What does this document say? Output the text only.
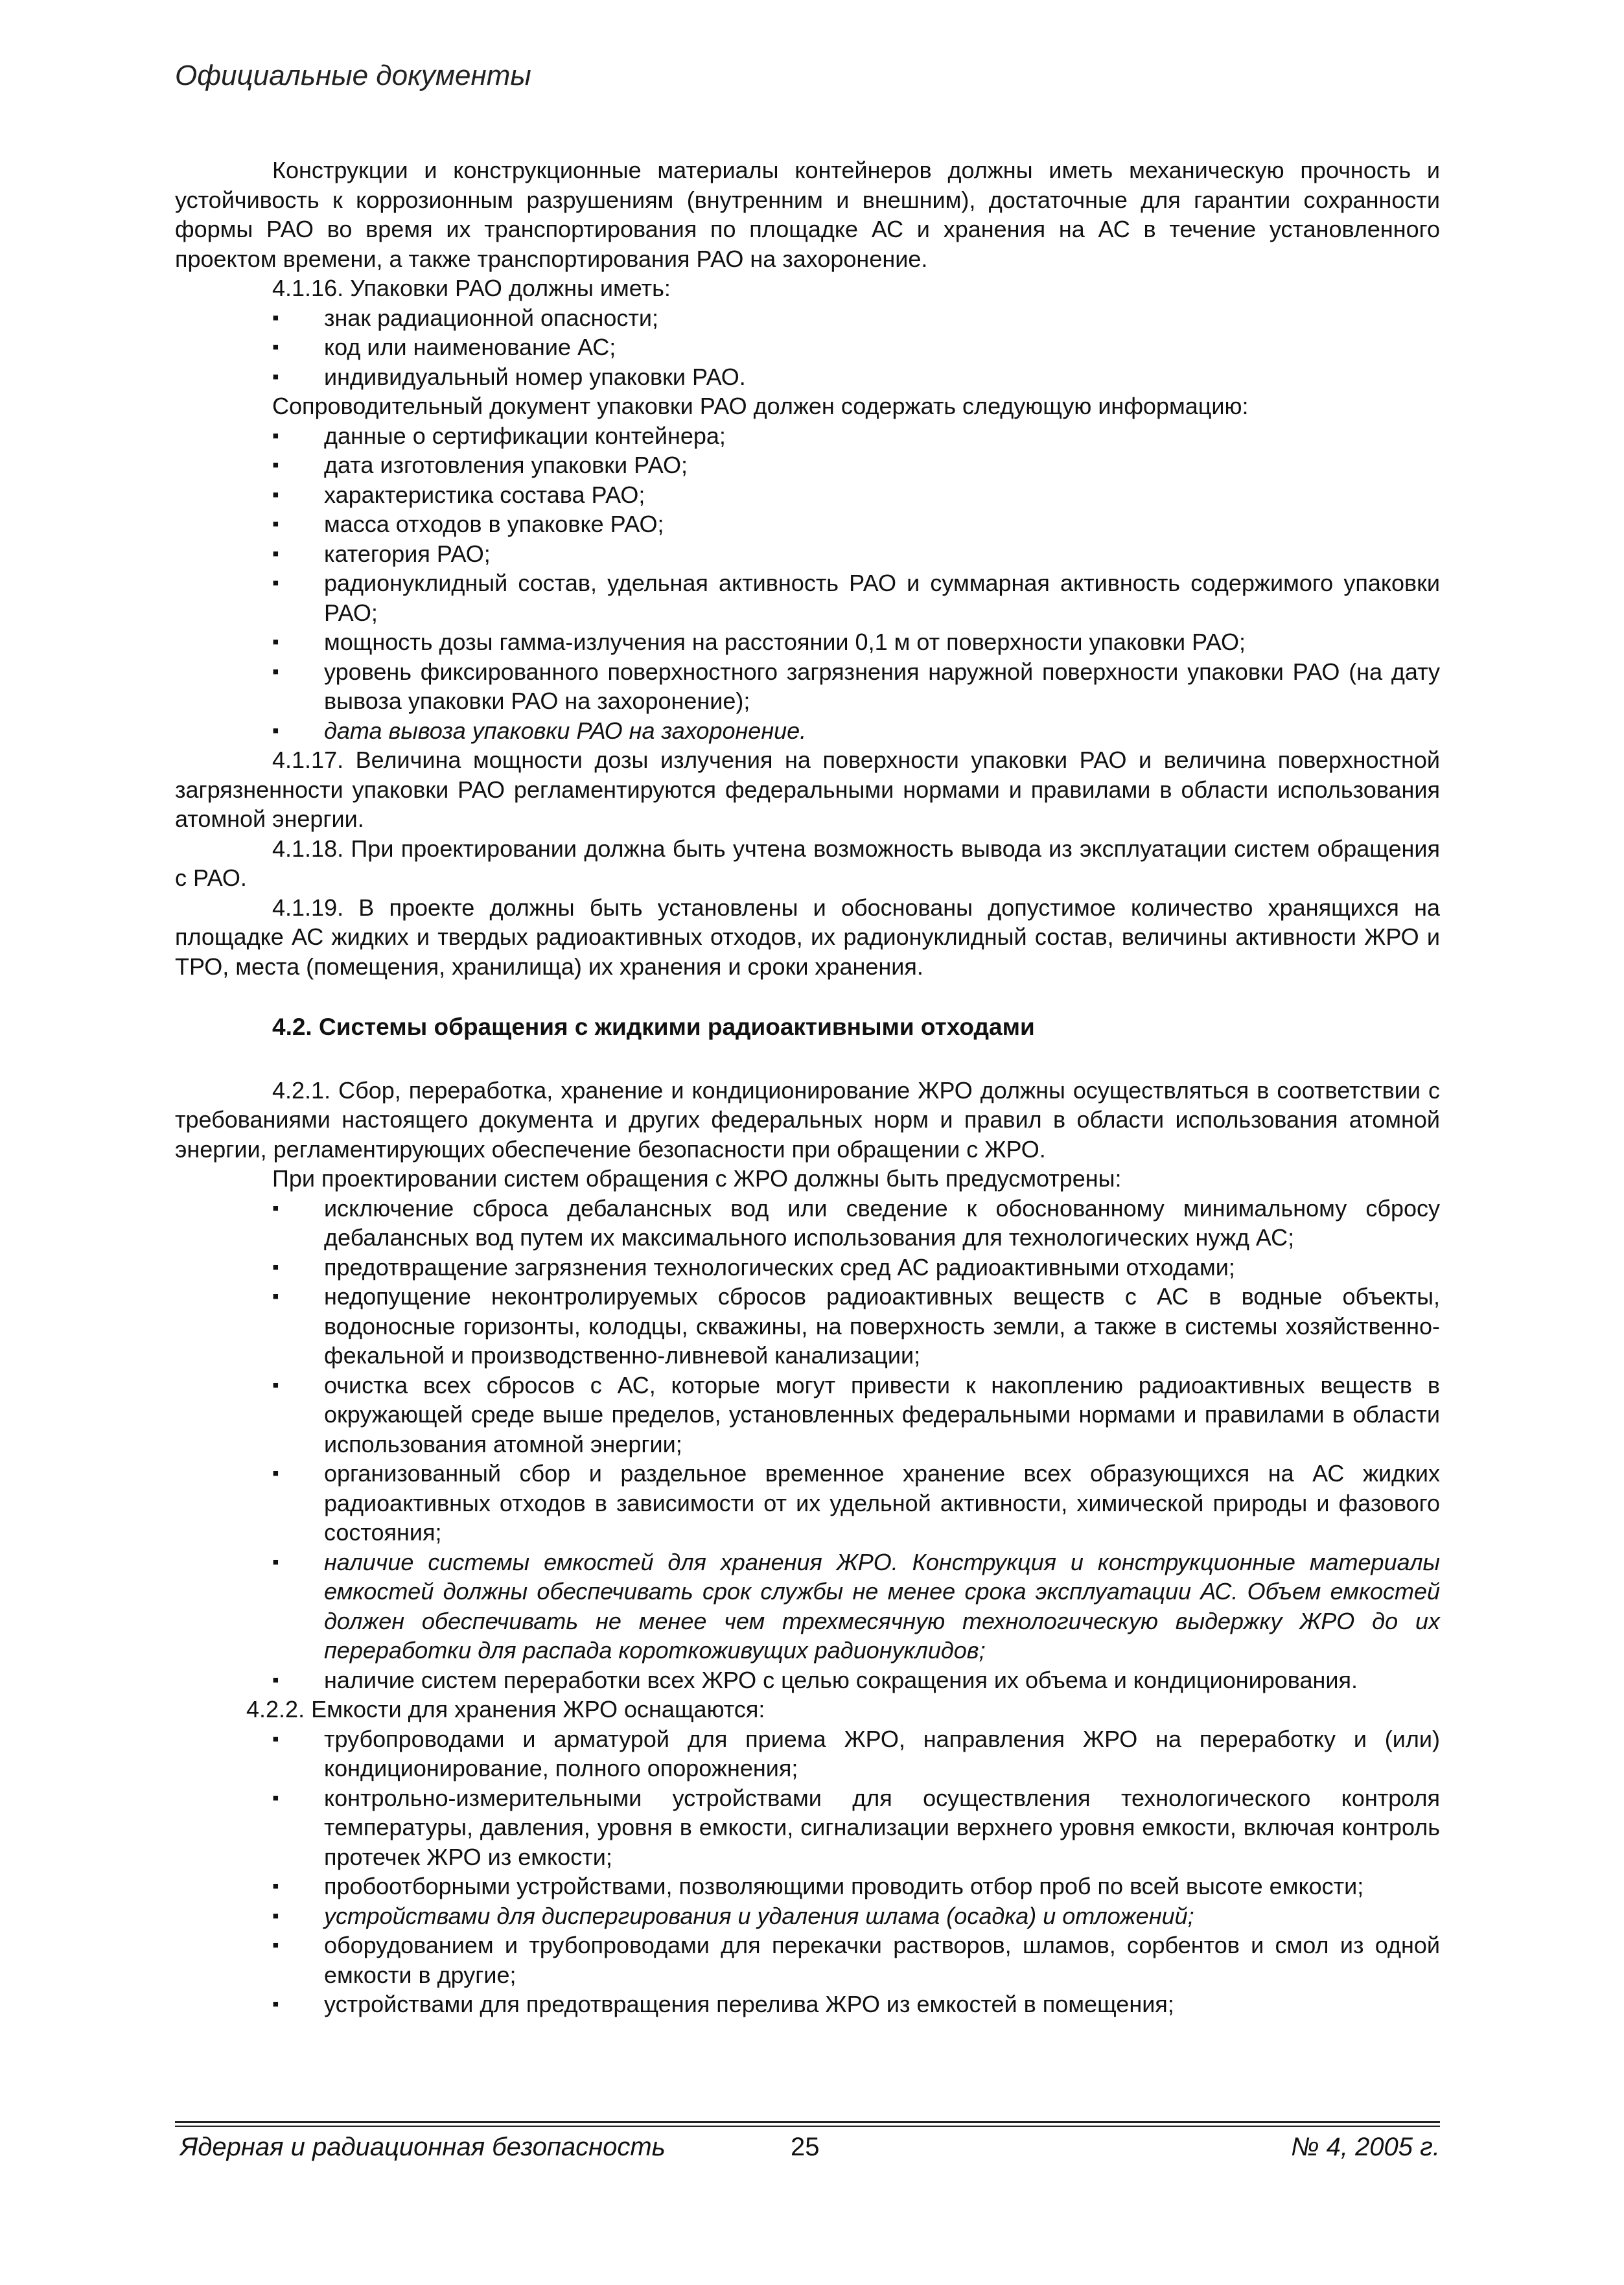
Официальные документы

Конструкции и конструкционные материалы контейнеров должны иметь механическую прочность и устойчивость к коррозионным разрушениям (внутренним и внешним), достаточные для гарантии сохранности формы РАО во время их транспортирования по площадке АС и хранения на АС в течение установленного проектом времени, а также транспортирования РАО на захоронение.

4.1.16. Упаковки РАО должны иметь:

▪ знак радиационной опасности;
▪ код или наименование АС;
▪ индивидуальный номер упаковки РАО.

Сопроводительный документ упаковки РАО должен содержать следующую информацию:

▪ данные о сертификации контейнера;
▪ дата изготовления упаковки РАО;
▪ характеристика состава РАО;
▪ масса отходов в упаковке РАО;
▪ категория РАО;
▪ радионуклидный состав, удельная активность РАО и суммарная активность содержимого упаковки РАО;
▪ мощность дозы гамма-излучения на расстоянии 0,1 м от поверхности упаковки РАО;
▪ уровень фиксированного поверхностного загрязнения наружной поверхности упаковки РАО (на дату вывоза упаковки РАО на захоронение);
▪ дата вывоза упаковки РАО на захоронение.

4.1.17. Величина мощности дозы излучения на поверхности упаковки РАО и величина поверхностной загрязненности упаковки РАО регламентируются федеральными нормами и правилами в области использования атомной энергии.

4.1.18. При проектировании должна быть учтена возможность вывода из эксплуатации систем обращения с РАО.

4.1.19. В проекте должны быть установлены и обоснованы допустимое количество хранящихся на площадке АС жидких и твердых радиоактивных отходов, их радионуклидный состав, величины активности ЖРО и ТРО, места (помещения, хранилища) их хранения и сроки хранения.

4.2. Системы обращения с жидкими радиоактивными отходами

4.2.1. Сбор, переработка, хранение и кондиционирование ЖРО должны осуществляться в соответствии с требованиями настоящего документа и других федеральных норм и правил в области использования атомной энергии, регламентирующих обеспечение безопасности при обращении с ЖРО.

При проектировании систем обращения с ЖРО должны быть предусмотрены:

▪ исключение сброса дебалансных вод или сведение к обоснованному минимальному сбросу дебалансных вод путем их максимального использования для технологических нужд АС;
▪ предотвращение загрязнения технологических сред АС радиоактивными отходами;
▪ недопущение неконтролируемых сбросов радиоактивных веществ с АС в водные объекты, водоносные горизонты, колодцы, скважины, на поверхность земли, а также в системы хозяйственно-фекальной и производственно-ливневой канализации;
▪ очистка всех сбросов с АС, которые могут привести к накоплению радиоактивных веществ в окружающей среде выше пределов, установленных федеральными нормами и правилами в области использования атомной энергии;
▪ организованный сбор и раздельное временное хранение всех образующихся на АС жидких радиоактивных отходов в зависимости от их удельной активности, химической природы и фазового состояния;
▪ наличие системы емкостей для хранения ЖРО. Конструкция и конструкционные материалы емкостей должны обеспечивать срок службы не менее срока эксплуатации АС. Объем емкостей должен обеспечивать не менее чем трехмесячную технологическую выдержку ЖРО до их переработки для распада короткоживущих радионуклидов;
▪ наличие систем переработки всех ЖРО с целью сокращения их объема и кондиционирования.

4.2.2. Емкости для хранения ЖРО оснащаются:

▪ трубопроводами и арматурой для приема ЖРО, направления ЖРО на переработку и (или) кондиционирование, полного опорожнения;
▪ контрольно-измерительными устройствами для осуществления технологического контроля температуры, давления, уровня в емкости, сигнализации верхнего уровня емкости, включая контроль протечек ЖРО из емкости;
▪ пробоотборными устройствами, позволяющими проводить отбор проб по всей высоте емкости;
▪ устройствами для диспергирования и удаления шлама (осадка) и отложений;
▪ оборудованием и трубопроводами для перекачки растворов, шламов, сорбентов и смол из одной емкости в другие;
▪ устройствами для предотвращения перелива ЖРО из емкостей в помещения;
Ядерная и радиационная безопасность	25	№ 4, 2005 г.
